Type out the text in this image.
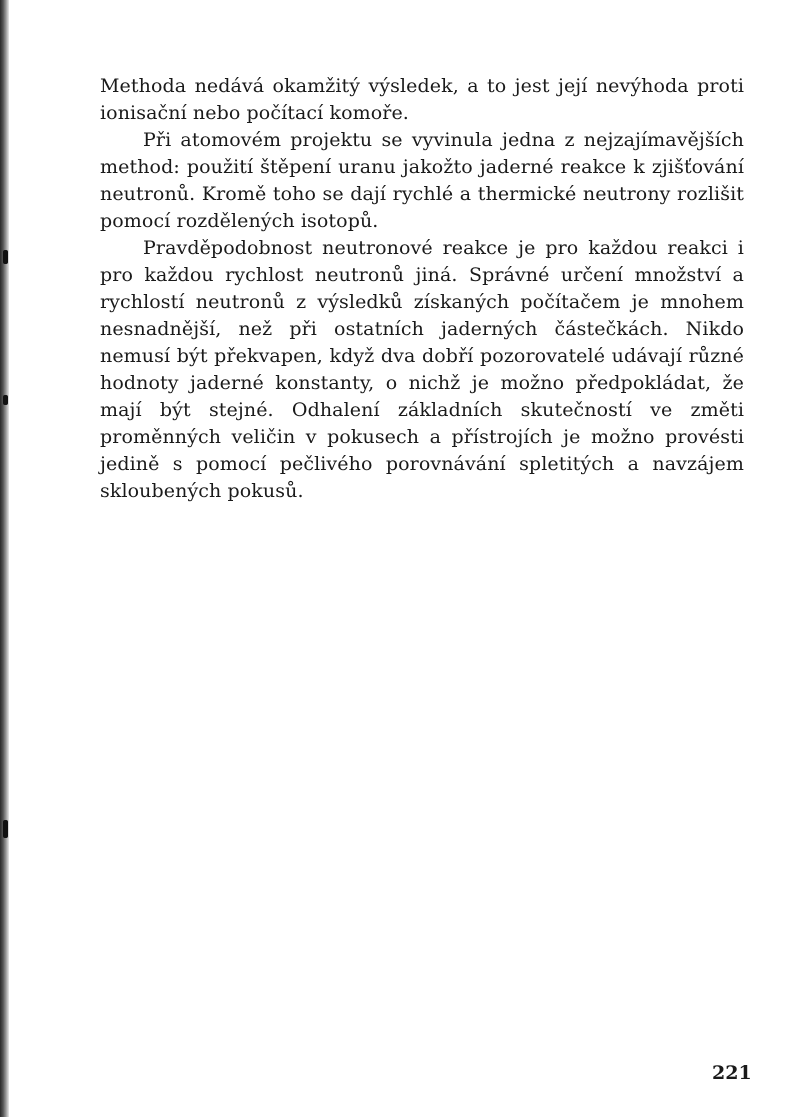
Methoda nedává okamžitý výsledek, a to jest její nevýhoda proti ionisační nebo počítací komoře.

Při atomovém projektu se vyvinula jedna z nejzajímavějších method: použití štěpení uranu jakožto jaderné reakce k zjišťování neutronů. Kromě toho se dají rychlé a thermické neutrony rozlišit pomocí rozdělených isotopů.

Pravděpodobnost neutronové reakce je pro každou reakci i pro každou rychlost neutronů jiná. Správné určení množství a rychlostí neutronů z výsledků získaných počítačem je mnohem nesnadnější, než při ostatních jaderných částečkách. Nikdo nemusí být překvapen, když dva dobří pozorovatelé udávají různé hodnoty jaderné konstanty, o nichž je možno předpokládat, že mají být stejné. Odhalení základních skutečností ve změti proměnných veličin v pokusech a přístrojích je možno provésti jedině s pomocí pečlivého porovnávání spletitých a navzájem skloubených pokusů.

221
